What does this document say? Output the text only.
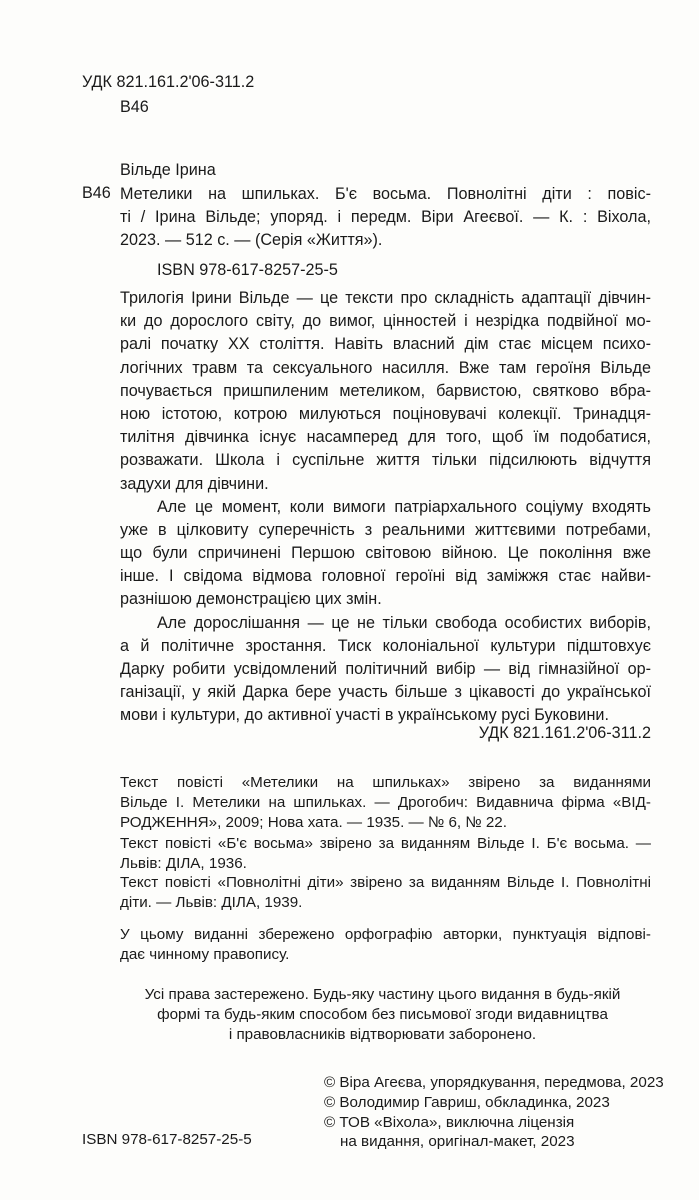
УДК 821.161.2'06-311.2
В46
Вільде Ірина
В46 Метелики на шпильках. Б'є восьма. Повнолітні діти : повіс-
ті / Ірина Вільде; упоряд. і передм. Віри Агеєвої. — К. : Віхола,
2023. — 512 с. — (Серія «Життя»).
ISBN 978-617-8257-25-5
Трилогія Ірини Вільде — це тексти про складність адаптації дівчин-
ки до дорослого світу, до вимог, цінностей і незрідка подвійної мо-
ралі початку XX століття. Навіть власний дім стає місцем психо-
логічних травм та сексуального насилля. Вже там героїня Вільде
почувається пришпиленим метеликом, барвистою, святково вбра-
ною істотою, котрою милуються поціновувачі колекції. Тринадця-
тилітня дівчинка існує насамперед для того, щоб їм подобатися,
розважати. Школа і суспільне життя тільки підсилюють відчуття
задухи для дівчини.
Але це момент, коли вимоги патріархального соціуму входять
уже в цілковиту суперечність з реальними життєвими потребами,
що були спричинені Першою світовою війною. Це покоління вже
інше. І свідома відмова головної героїні від заміжжя стає найви-
разнішою демонстрацією цих змін.
Але дорослішання — це не тільки свобода особистих виборів,
а й політичне зростання. Тиск колоніальної культури підштовхує
Дарку робити усвідомлений політичний вибір — від гімназійної ор-
ганізації, у якій Дарка бере участь більше з цікавості до української
мови і культури, до активної участі в українському русі Буковини.
УДК 821.161.2'06-311.2
Текст повісті «Метелики на шпильках» звірено за виданнями
Вільде І. Метелики на шпильках. — Дрогобич: Видавнича фірма «ВІД-
РОДЖЕННЯ», 2009; Нова хата. — 1935. — № 6, № 22.
Текст повісті «Б'є восьма» звірено за виданням Вільде І. Б'є восьма. —
Львів: ДІЛА, 1936.
Текст повісті «Повнолітні діти» звірено за виданням Вільде І. Повнолітні
діти. — Львів: ДІЛА, 1939.
У цьому виданні збережено орфографію авторки, пунктуація відпові-
дає чинному правопису.
Усі права застережено. Будь-яку частину цього видання в будь-якій
формі та будь-яким способом без письмової згоди видавництва
і правовласників відтворювати заборонено.
© Віра Агеєва, упорядкування, передмова, 2023
© Володимир Гавриш, обкладинка, 2023
© ТОВ «Віхола», виключна ліцензія
на видання, оригінал-макет, 2023
ISBN 978-617-8257-25-5
